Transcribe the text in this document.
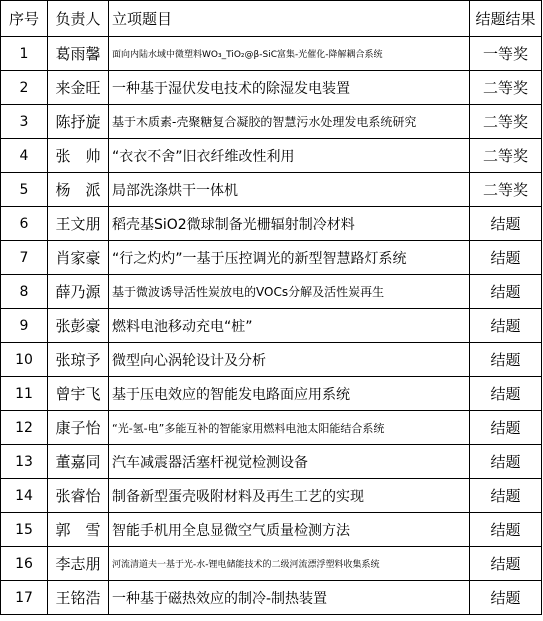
序号	负责人	立项题目	结题结果
1	葛雨馨	面向内陆水域中微塑料WO₃_TiO₂@β-SiC富集-光催化-降解耦合系统	一等奖
2	来金旺	一种基于湿伏发电技术的除湿发电装置	二等奖
3	陈抒旋	基于木质素-壳聚糖复合凝胶的智慧污水处理发电系统研究	二等奖
4	张　帅	“衣衣不舍”旧衣纤维改性利用	二等奖
5	杨　派	局部洗涤烘干一体机	二等奖
6	王文朋	稻壳基SiO2微球制备光栅辐射制冷材料	结题
7	肖家豪	“行之灼灼”一基于压控调光的新型智慧路灯系统	结题
8	薛乃源	基于微波诱导活性炭放电的VOCs分解及活性炭再生	结题
9	张彭豪	燃料电池移动充电“桩”	结题
10	张琼予	微型向心涡轮设计及分析	结题
11	曾宇飞	基于压电效应的智能发电路面应用系统	结题
12	康子怡	“光-氢-电”多能互补的智能家用燃料电池太阳能结合系统	结题
13	董嘉同	汽车减震器活塞杆视觉检测设备	结题
14	张睿怡	制备新型蛋壳吸附材料及再生工艺的实现	结题
15	郭　雪	智能手机用全息显微空气质量检测方法	结题
16	李志朋	河流清道夫一基于光-水-锂电储能技术的二级河流漂浮塑料收集系统	结题
17	王铭浩	一种基于磁热效应的制冷-制热装置	结题
